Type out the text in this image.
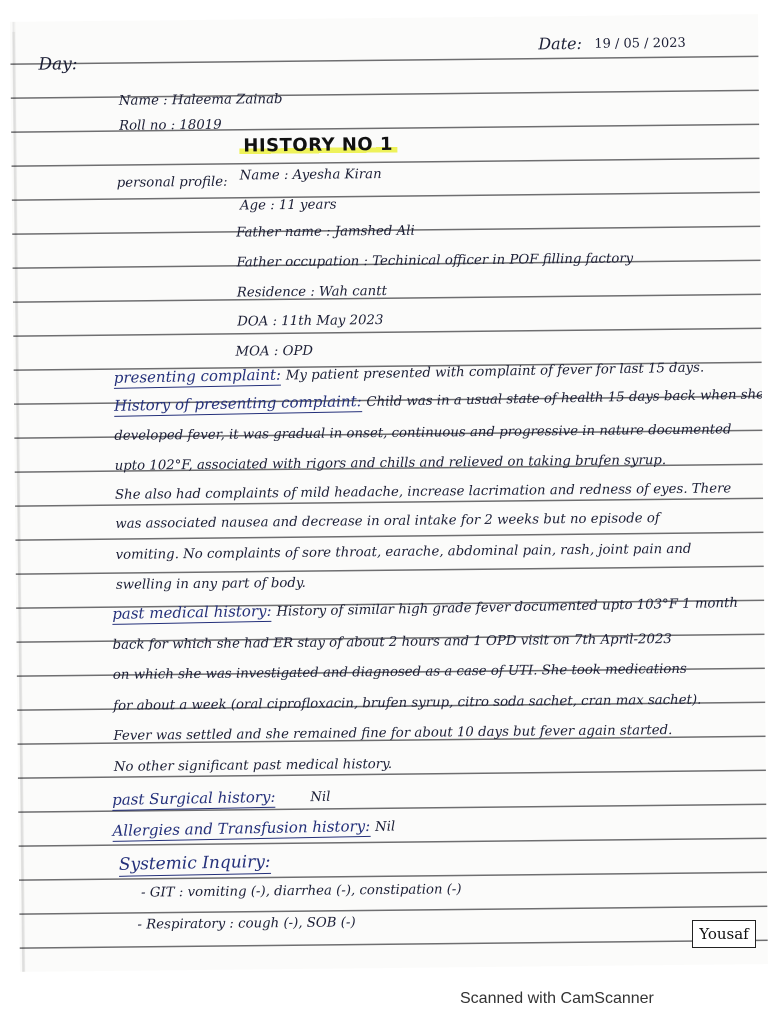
Day:
Date: 19 / 05 / 2023
Name : Haleema Zainab
Roll no : 18019
HISTORY NO 1
personal profile: Name : Ayesha Kiran
Age : 11 years
Father name : Jamshed Ali
Father occupation : Techinical officer in POF filling factory
Residence : Wah cantt
DOA : 11th May 2023
MOA : OPD
presenting complaint: My patient presented with complaint of fever for last 15 days.
History of presenting complaint: Child was in a usual state of health 15 days back when she
developed fever, it was gradual in onset, continuous and progressive in nature documented
upto 102°F, associated with rigors and chills and relieved on taking brufen syrup.
She also had complaints of mild headache, increase lacrimation and redness of eyes. There
was associated nausea and decrease in oral intake for 2 weeks but no episode of
vomiting. No complaints of sore throat, earache, abdominal pain, rash, joint pain and
swelling in any part of body.
past medical history: History of similar high grade fever documented upto 103°F 1 month
back for which she had ER stay of about 2 hours and 1 OPD visit on 7th April-2023
on which she was investigated and diagnosed as a case of UTI. She took medications
for about a week (oral ciprofloxacin, brufen syrup, citro soda sachet, cran max sachet).
Fever was settled and she remained fine for about 10 days but fever again started.
No other significant past medical history.
past Surgical history:	Nil
Allergies and Transfusion history: Nil
Systemic Inquiry:
- GIT : vomiting (-), diarrhea (-), constipation (-)
- Respiratory : cough (-), SOB (-)
Yousaf
Scanned with CamScanner
